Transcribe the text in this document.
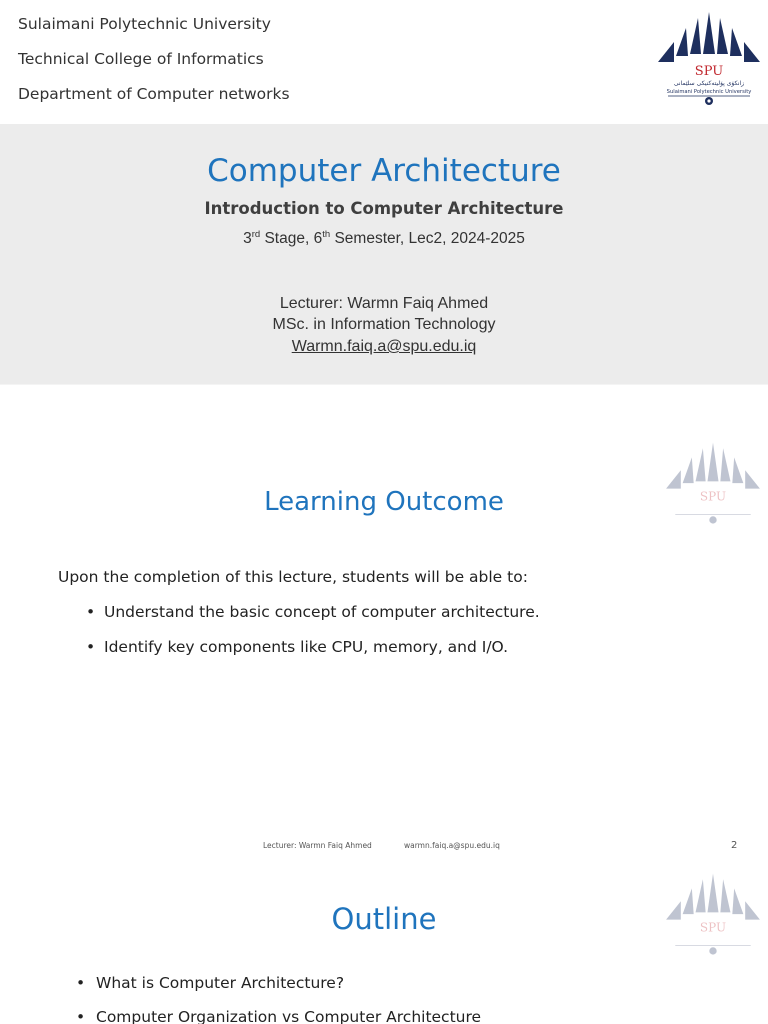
Sulaimani Polytechnic University
Technical College of Informatics
Department of Computer networks
SPU
زانكۆی پۆلیتەكنیكی سلێمانی
Sulaimani Polytechnic University
Computer Architecture
Introduction to Computer Architecture
3rd Stage, 6th Semester, Lec2, 2024-2025
Lecturer: Warmn Faiq Ahmed
MSc. in Information Technology
Warmn.faiq.a@spu.edu.iq
SPU
Learning Outcome
Upon the completion of this lecture, students will be able to:
• Understand the basic concept of computer architecture.
• Identify key components like CPU, memory, and I/O.
Lecturer: Warmn Faiq Ahmed	warmn.faiq.a@spu.edu.iq	2
SPU
Outline
• What is Computer Architecture?
• Computer Organization vs Computer Architecture
